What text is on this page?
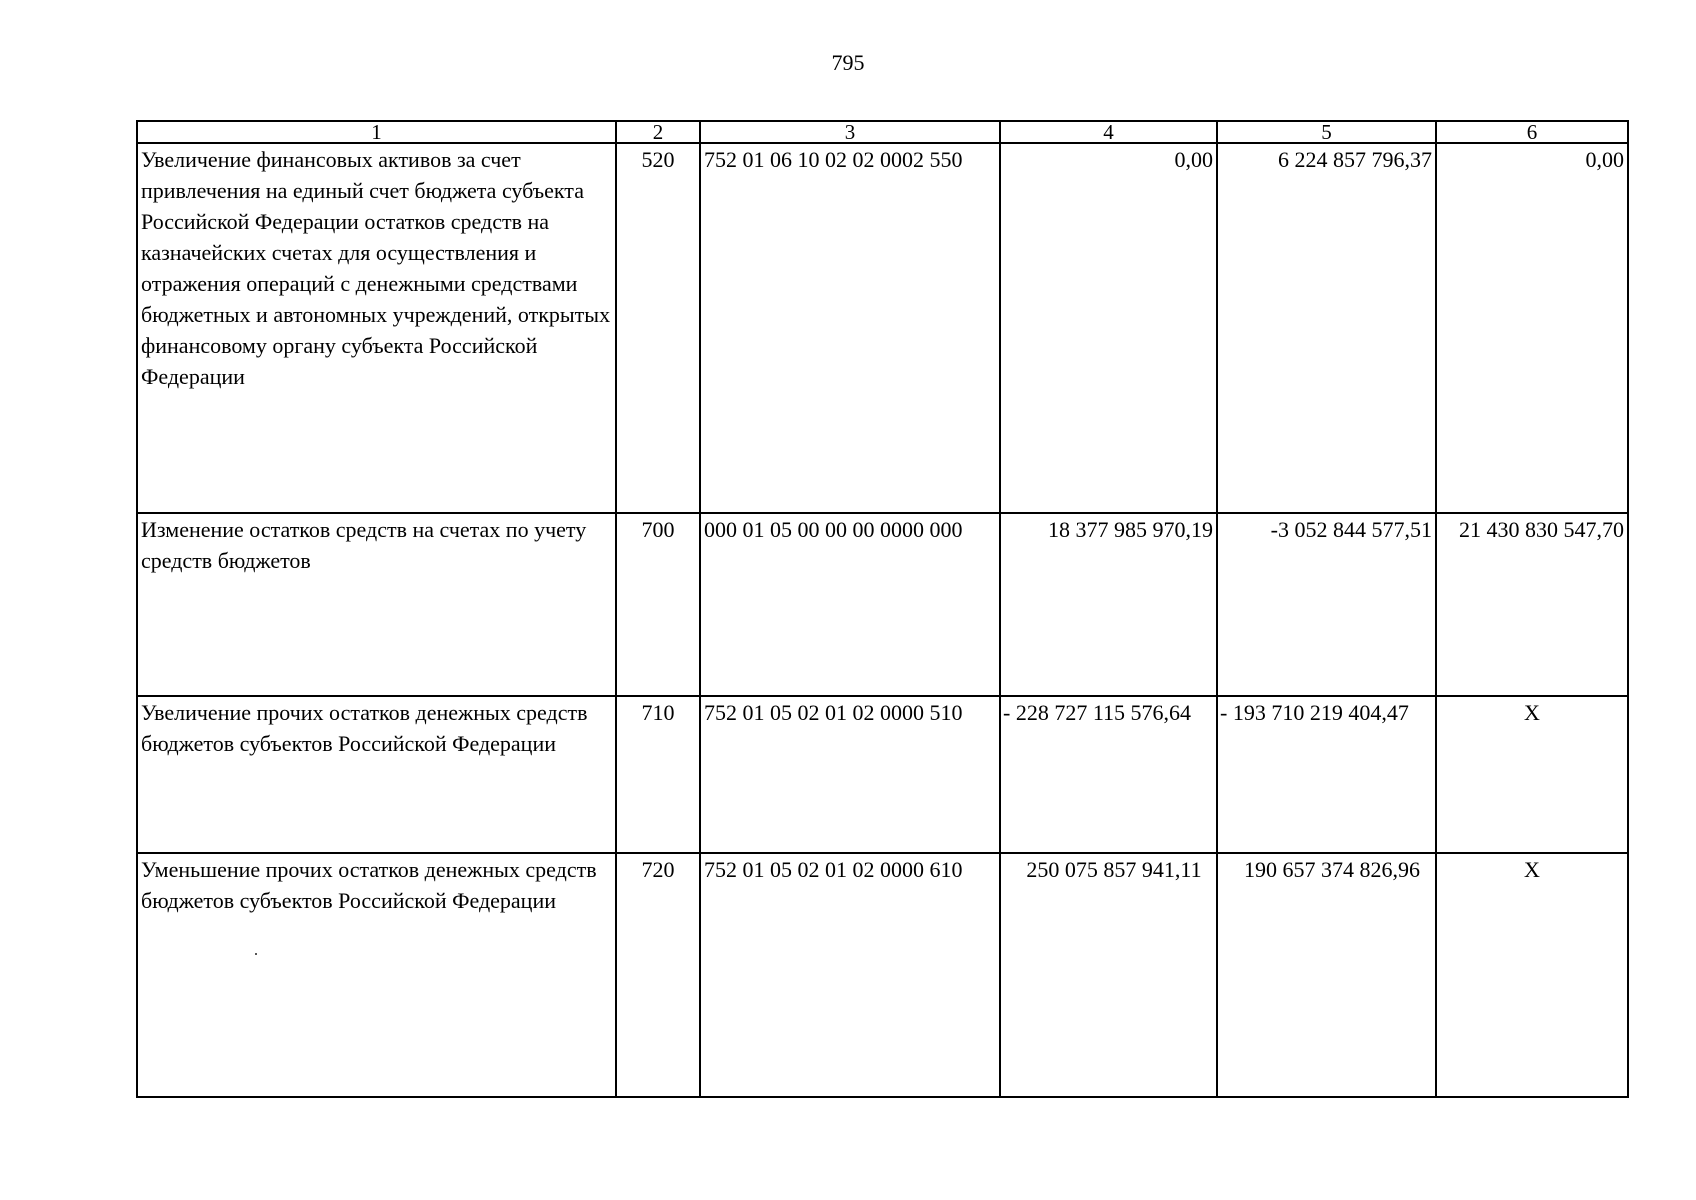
795
1	2	3	4	5	6
Увеличение финансовых активов за счет привлечения на единый счет бюджета субъекта Российской Федерации остатков средств на казначейских счетах для осуществления и отражения операций с денежными средствами бюджетных и автономных учреждений, открытых финансовому органу субъекта Российской Федерации	520	752 01 06 10 02 02 0002 550	0,00	6 224 857 796,37	0,00
Изменение остатков средств на счетах по учету средств бюджетов	700	000 01 05 00 00 00 0000 000	18 377 985 970,19	-3 052 844 577,51	21 430 830 547,70
Увеличение прочих остатков денежных средств бюджетов субъектов Российской Федерации	710	752 01 05 02 01 02 0000 510	- 228 727 115 576,64	- 193 710 219 404,47	X
Уменьшение прочих остатков денежных средств бюджетов субъектов Российской Федерации	720	752 01 05 02 01 02 0000 610	250 075 857 941,11	190 657 374 826,96	X
